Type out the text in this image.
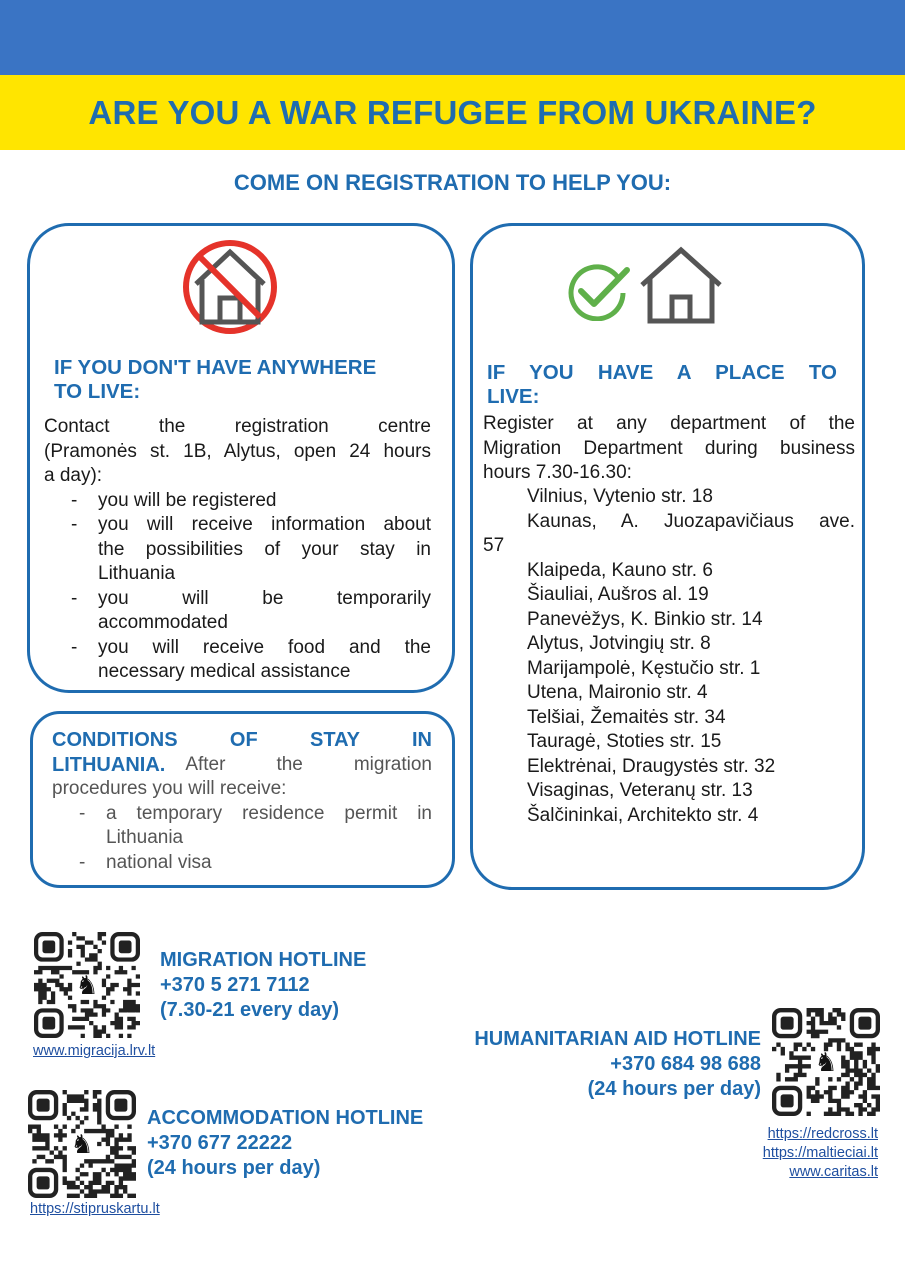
ARE YOU A WAR REFUGEE FROM UKRAINE?
COME ON REGISTRATION TO HELP YOU:
IF YOU DON'T HAVE ANYWHERE
TO LIVE:
Contact the registration centre
(Pramonės st. 1B, Alytus, open 24 hours
a day):
- you will be registered
- you will receive information about
the possibilities of your stay in
Lithuania
- you will be temporarily
accommodated
- you will receive food and the
necessary medical assistance
CONDITIONS OF STAY IN
LITHUANIA. After the migration
procedures you will receive:
- a temporary residence permit in
Lithuania
- national visa
IF YOU HAVE A PLACE TO
LIVE:
Register at any department of the
Migration Department during business
hours 7.30-16.30:
Vilnius, Vytenio str. 18
Kaunas, A. Juozapavičiaus ave.
57
Klaipeda, Kauno str. 6
Šiauliai, Aušros al. 19
Panevėžys, K. Binkio str. 14
Alytus, Jotvingių str. 8
Marijampolė, Kęstučio str. 1
Utena, Maironio str. 4
Telšiai, Žemaitės str. 34
Tauragė, Stoties str. 15
Elektrėnai, Draugystės str. 32
Visaginas, Veteranų str. 13
Šalčininkai, Architekto str. 4
♞
MIGRATION HOTLINE
+370 5 271 7112
(7.30-21 every day)
www.migracija.lrv.lt
♞
ACCOMMODATION HOTLINE
+370 677 22222
(24 hours per day)
https://stipruskartu.lt
HUMANITARIAN AID HOTLINE
+370 684 98 688
(24 hours per day)
♞
https://redcross.lt
https://maltieciai.lt
www.caritas.lt
